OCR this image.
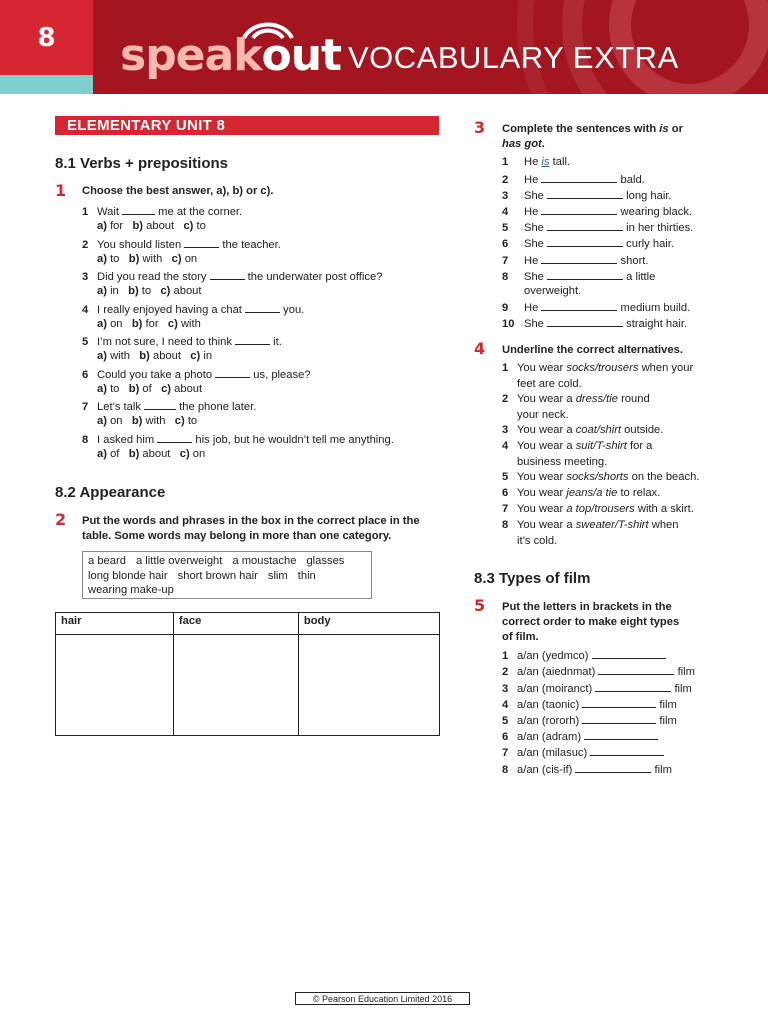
8	speakout VOCABULARY EXTRA
ELEMENTARY UNIT 8
8.1 Verbs + prepositions
1 Choose the best answer, a), b) or c).
8.2 Appearance
2 Put the words and phrases in the box in the correct place in the
table. Some words may belong in more than one category.
a beard a little overweight a moustache glasses
long blonde hair short brown hair slim thin
wearing make-up
hair	face	body

3 Complete the sentences with is or
has got.
4 Underline the correct alternatives.
8.3 Types of film
5 Put the letters in brackets in the
correct order to make eight types
of film.
© Pearson Education Limited 2016
1 Wait	me at the corner.
a) for   b) about   c) to
2 You should listen	the teacher.
a) to   b) with   c) on
3 Did you read the story	the underwater post office?
a) in   b) to   c) about
4 I really enjoyed having a chat	you.
a) on   b) for   c) with
5 I’m not sure, I need to think	it.
a) with   b) about   c) in
6 Could you take a photo	us, please?
a) to   b) of   c) about
7 Let’s talk	the phone later.
a) on   b) with   c) to
8 I asked him	his job, but he wouldn’t tell me anything.
a) of   b) about   c) on
1 He is tall.
2 He	bald.
3 She	long hair.
4 He	wearing black.
5 She	in her thirties.
6 She	curly hair.
7 He	short.
8 She	a little
overweight.
9 He	medium build.
10 She	straight hair.
1 You wear socks/trousers when your
feet are cold.
2 You wear a dress/tie round
your neck.
3 You wear a coat/shirt outside.
4 You wear a suit/T-shirt for a
business meeting.
5 You wear socks/shorts on the beach.
6 You wear jeans/a tie to relax.
7 You wear a top/trousers with a skirt.
8 You wear a sweater/T-shirt when
it’s cold.
1 a/an (yedmco)
2 a/an (aiednmat)	film
3 a/an (moiranct)	film
4 a/an (taonic)	film
5 a/an (rororh)	film
6 a/an (adram)
7 a/an (milasuc)
8 a/an (cis-if)	film
